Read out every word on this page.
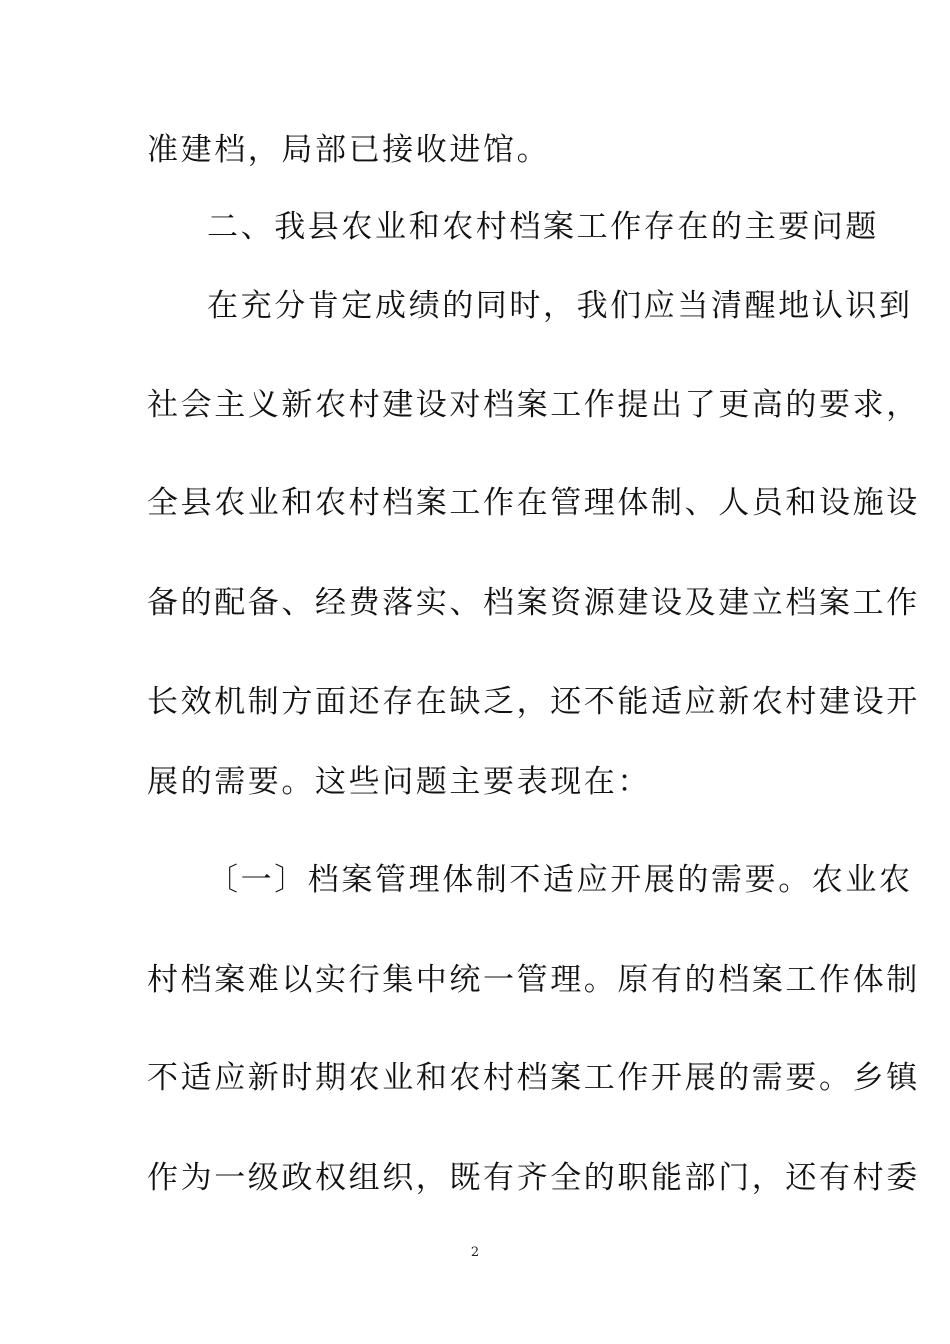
准建档，局部已接收进馆。
二、我县农业和农村档案工作存在的主要问题
在充分肯定成绩的同时，我们应当清醒地认识到
社会主义新农村建设对档案工作提出了更高的要求，
全县农业和农村档案工作在管理体制、人员和设施设
备的配备、经费落实、档案资源建设及建立档案工作
长效机制方面还存在缺乏，还不能适应新农村建设开
展的需要。这些问题主要表现在：
〔一〕档案管理体制不适应开展的需要。农业农
村档案难以实行集中统一管理。原有的档案工作体制
不适应新时期农业和农村档案工作开展的需要。乡镇
作为一级政权组织，既有齐全的职能部门，还有村委
2
